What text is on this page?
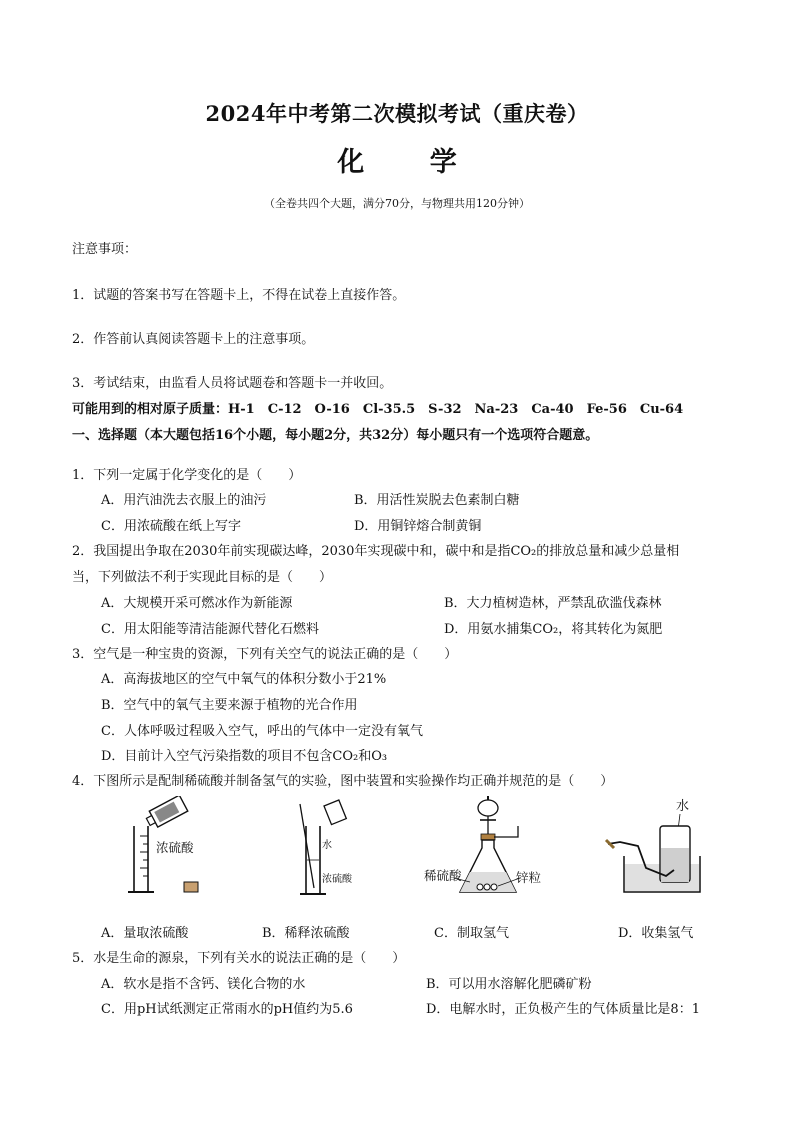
2024年中考第二次模拟考试（重庆卷）
化 学
（全卷共四个大题，满分70分，与物理共用120分钟）
注意事项：
1．试题的答案书写在答题卡上，不得在试卷上直接作答。
2．作答前认真阅读答题卡上的注意事项。
3．考试结束，由监看人员将试题卷和答题卡一并收回。
可能用到的相对原子质量：H-1　C-12　O-16　Cl-35.5　S-32　Na-23　Ca-40　Fe-56　Cu-64
一、选择题（本大题包括16个小题，每小题2分，共32分）每小题只有一个选项符合题意。
1．下列一定属于化学变化的是（　　）
A．用汽油洗去衣服上的油污	B．用活性炭脱去色素制白糖
C．用浓硫酸在纸上写字	D．用铜锌熔合制黄铜
2．我国提出争取在2030年前实现碳达峰，2030年实现碳中和，碳中和是指CO₂的排放总量和减少总量相
当，下列做法不利于实现此目标的是（　　）
A．大规模开采可燃冰作为新能源	B．大力植树造林，严禁乱砍滥伐森林
C．用太阳能等清洁能源代替化石燃料	D．用氨水捕集CO₂，将其转化为氮肥
3．空气是一种宝贵的资源，下列有关空气的说法正确的是（　　）
A．高海拔地区的空气中氧气的体积分数小于21%
B．空气中的氧气主要来源于植物的光合作用
C．人体呼吸过程吸入空气，呼出的气体中一定没有氧气
D．目前计入空气污染指数的项目不包含CO₂和O₃
4．下图所示是配制稀硫酸并制备氢气的实验，图中装置和实验操作均正确并规范的是（　　）
浓硫酸	水
浓硫酸	稀硫酸	锌粒
水
A．量取浓硫酸	B．稀释浓硫酸	C．制取氢气	D．收集氢气
5．水是生命的源泉，下列有关水的说法正确的是（　　）
A．软水是指不含钙、镁化合物的水	B．可以用水溶解化肥磷矿粉
C．用pH试纸测定正常雨水的pH值约为5.6	D．电解水时，正负极产生的气体质量比是8：1
